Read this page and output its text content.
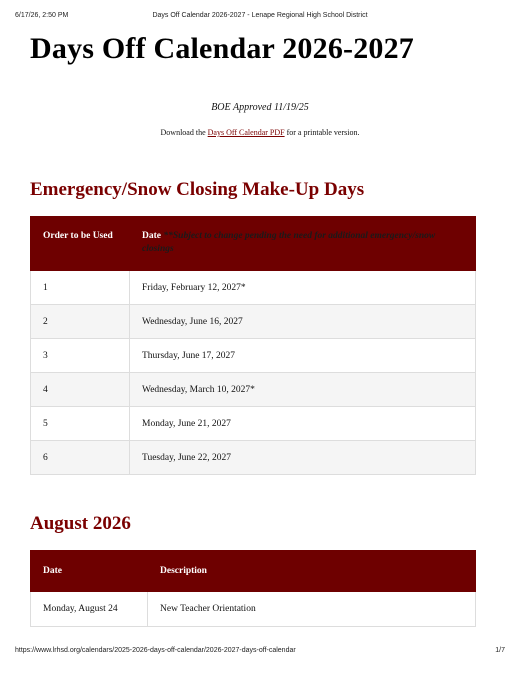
6/17/26, 2:50 PM	Days Off Calendar 2026-2027 - Lenape Regional High School District
Days Off Calendar 2026-2027
BOE Approved 11/19/25
Download the Days Off Calendar PDF for a printable version.
Emergency/Snow Closing Make-Up Days
Order to be Used	Date **Subject to change pending the need for additional emergency/snow closings
1	Friday, February 12, 2027*
2	Wednesday, June 16, 2027
3	Thursday, June 17, 2027
4	Wednesday, March 10, 2027*
5	Monday, June 21, 2027
6	Tuesday, June 22, 2027
August 2026
Date	Description
Monday, August 24	New Teacher Orientation
https://www.lrhsd.org/calendars/2025-2026-days-off-calendar/2026-2027-days-off-calendar	1/7
